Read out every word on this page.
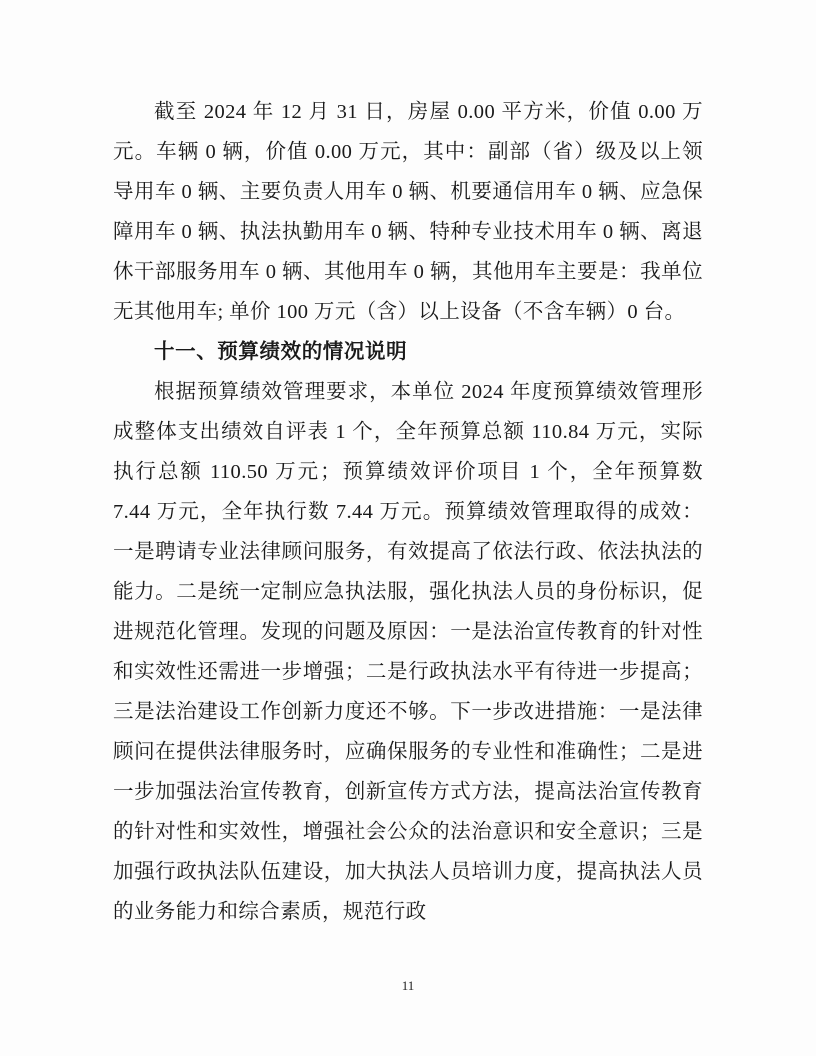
截至 2024 年 12 月 31 日，房屋 0.00 平方米，价值 0.00 万元。车辆 0 辆，价值 0.00 万元，其中：副部（省）级及以上领导用车 0 辆、主要负责人用车 0 辆、机要通信用车 0 辆、应急保障用车 0 辆、执法执勤用车 0 辆、特种专业技术用车 0 辆、离退休干部服务用车 0 辆、其他用车 0 辆，其他用车主要是：我单位无其他用车; 单价 100 万元（含）以上设备（不含车辆）0 台。

十一、预算绩效的情况说明

根据预算绩效管理要求，本单位 2024 年度预算绩效管理形成整体支出绩效自评表 1 个，全年预算总额 110.84 万元，实际执行总额 110.50 万元；预算绩效评价项目 1 个，全年预算数 7.44 万元，全年执行数 7.44 万元。预算绩效管理取得的成效：一是聘请专业法律顾问服务，有效提高了依法行政、依法执法的能力。二是统一定制应急执法服，强化执法人员的身份标识，促进规范化管理。发现的问题及原因：一是法治宣传教育的针对性和实效性还需进一步增强；二是行政执法水平有待进一步提高；三是法治建设工作创新力度还不够。下一步改进措施：一是法律顾问在提供法律服务时，应确保服务的专业性和准确性；二是进一步加强法治宣传教育，创新宣传方式方法，提高法治宣传教育的针对性和实效性，增强社会公众的法治意识和安全意识；三是加强行政执法队伍建设，加大执法人员培训力度，提高执法人员的业务能力和综合素质，规范行政

11
